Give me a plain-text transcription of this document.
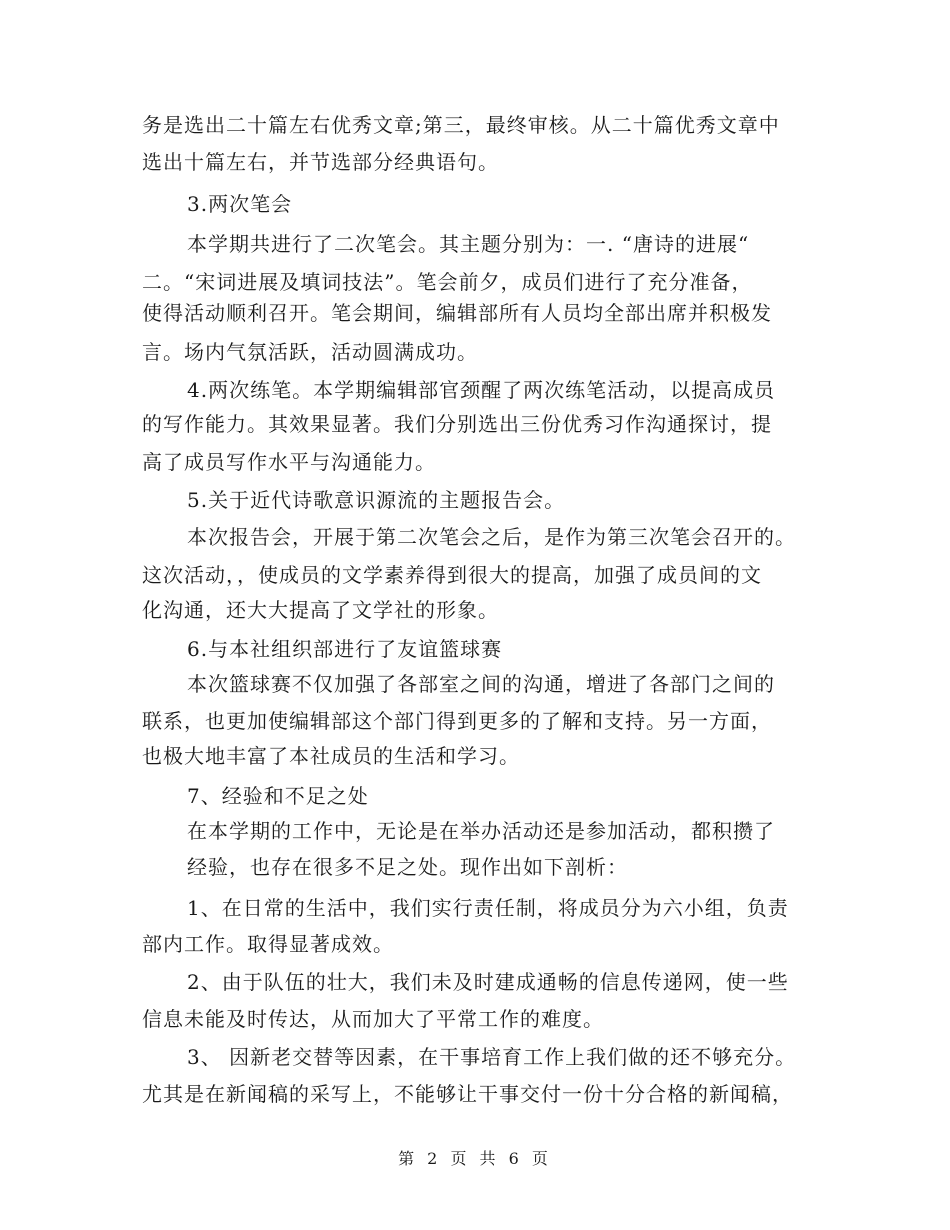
务是选出二十篇左右优秀文章;第三，最终审核。从二十篇优秀文章中
选出十篇左右，并节选部分经典语句。
3.两次笔会
本学期共进行了二次笔会。其主题分别为：一. “唐诗的进展“
二。“宋词进展及填词技法”。笔会前夕，成员们进行了充分准备，
使得活动顺利召开。笔会期间，编辑部所有人员均全部出席并积极发
言。场内气氛活跃，活动圆满成功。
4.两次练笔。本学期编辑部官颈醒了两次练笔活动，以提高成员
的写作能力。其效果显著。我们分别选出三份优秀习作沟通探讨，提
高了成员写作水平与沟通能力。
5.关于近代诗歌意识源流的主题报告会。
本次报告会，开展于第二次笔会之后，是作为第三次笔会召开的。
这次活动，，使成员的文学素养得到很大的提高，加强了成员间的文
化沟通，还大大提高了文学社的形象。
6.与本社组织部进行了友谊篮球赛
本次篮球赛不仅加强了各部室之间的沟通，增进了各部门之间的
联系，也更加使编辑部这个部门得到更多的了解和支持。另一方面，
也极大地丰富了本社成员的生活和学习。
7、经验和不足之处
在本学期的工作中，无论是在举办活动还是参加活动，都积攒了
经验，也存在很多不足之处。现作出如下剖析：
1、在日常的生活中，我们实行责任制，将成员分为六小组，负责
部内工作。取得显著成效。
2、由于队伍的壮大，我们未及时建成通畅的信息传递网，使一些
信息未能及时传达，从而加大了平常工作的难度。
3、 因新老交替等因素，在干事培育工作上我们做的还不够充分。
尤其是在新闻稿的采写上，不能够让干事交付一份十分合格的新闻稿，
第 2 页 共 6 页
